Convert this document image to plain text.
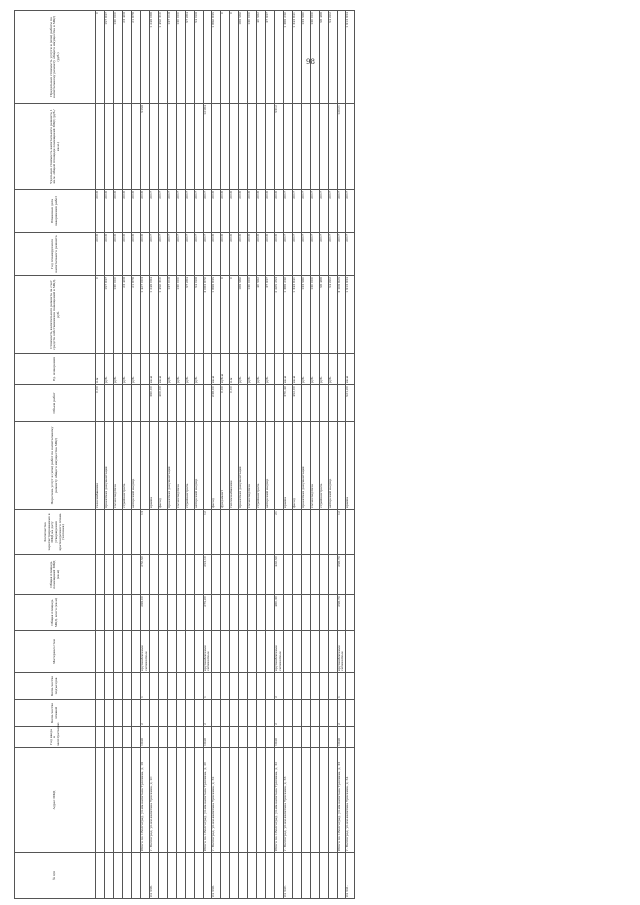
98
№ п/п	Адрес МКД	Год ввода в эксплуатацию	Коли-чество этажей	Коли-чество подъездов	Материал стен	Общая площадь МКД, всего (кв.м)	Общая площадь помещений МКД (кв.м)	Количество зарегистрированных в МКД на дату утверждения краткосрочного плана (человек)	Перечень услуг и (или) работ по капитальному ремонту общего имущества МКД	Объем работ	Ед. измерения	Стоимость капитального ремонта за счет средств собственников помещений в МКД, руб.	Год планируемого капитального ремонта	Плановая дата завершения работ	Удельная стоимость капитального ремонта 1 кв.м. общей площади помещений МКД (руб./кв.м.)	Предельная стоимость услуги и (или) работы по капитальному ремонту общего имущества в МКД (руб.)
									газоснабжение	0,00	п.м	0	2018	2018		0
									проектная документация		руб.	157 837	2018	2018		157 837
									госэкспертиза		руб.	130 000	2018	2018		130 000
									стройконтроль		руб.	23 409	2018	2018		23 409
									авторский надзор		руб.	21 878	2018	2018		21 878
	Итого по г.Волгоград, ул.им.капитана Тряскина, д. 19	1949	2	1	крупноблочные силикатные	299,00	276,50	13				1 427 003	2018	2018	5159	
64 338.	г. Волгоград, ул.им.капитана Тряскина, д. 20								крыша	390,00	кв.м	1 249 094	2017	2017		1 249 088
									фасад	400,00	кв.м	1 456 310	2017	2017		1 456 310
									проектная документация		руб.	137 019	2017	2017		137 019
									госэкспертиза		руб.	130 000	2017	2017		130 000
									стройконтроль		руб.	57 684	2017	2017		57 684
									авторский надзор		руб.	54 069	2017	2017		54 069
	Итого по г.Волгоград, ул.им.капитана Тряскина, д. 20	1949	2	1	крупноблочные силикатные	275,60	253,10	12				3 083 876	2017	2017	12184	
64 339.	г. Волгоград, ул.им.капитана Тряскина, д. 32								фасад	638,00	кв.м	1 899 835	2018	2018		1 896 835
									фундамент	0,00	куб.м	0	2018	2018		0
									теплоснабжение	0,00	п.м	0	2018	2018		0
									проектная документация		руб.	189 586	2018	2018		189 586
									госэкспертиза		руб.	130 000	2018	2018		130 000
									стройконтроль		руб.	40 592	2018	2018		40 592
									авторский надзор		руб.	37 937	2018	2018		37 937
	Итого по г.Волгоград, ул.им.капитана Тряскина, д. 32	1949	2	2	крупноблочные силикатные	480,30	426,50	21				2 265 253	2018	2018	5312	
64 340.	г. Волгоград, ул.им.капитана Тряскина, д. 33								крыша	370,46	кв.м	1 389 236	2017	2017		1 389 236
									фасад	452,00	кв.м	1 343 841	2017	2017		1 343 841
									проектная документация		руб.	133 590	2017	2017		133 590
									госэкспертиза		руб.	130 000	2017	2017		130 000
									стройконтроль		руб.	58 488	2017	2017		58 488
									авторский надзор		руб.	54 662	2017	2017		54 662
	Итого по г.Волгоград, ул.им.капитана Тряскина, д. 33	1949	2	1	крупноблочные силикатные	258,70	258,70	12				3 109 825	2017	2017	12021	
64 341.	г. Волгоград, ул.им.капитана Тряскина, д. 34								крыша	521,60	кв.м	1 913 934	2017	2017		1 913 934
